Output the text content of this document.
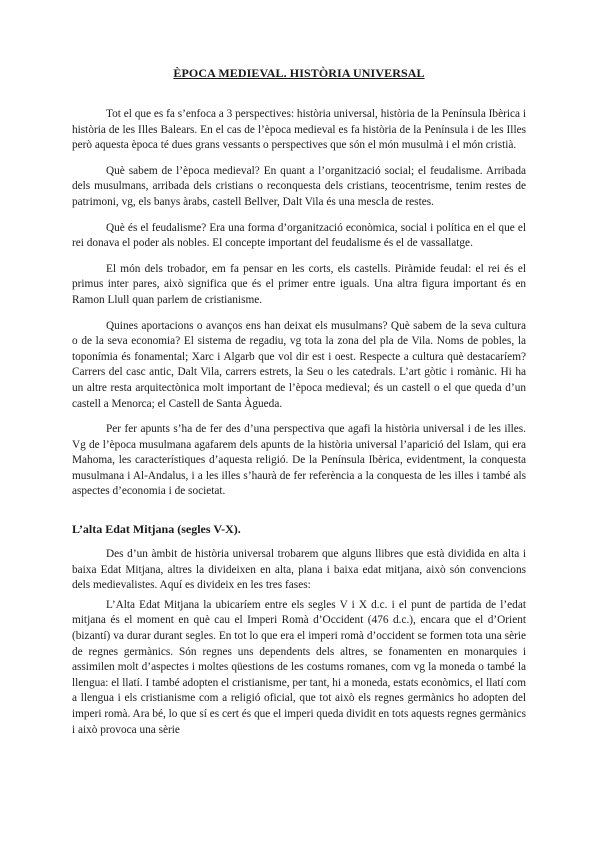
ÈPOCA MEDIEVAL. HISTÒRIA UNIVERSAL

Tot el que es fa s’enfoca a 3 perspectives: història universal, història de la Península Ibèrica i història de les Illes Balears. En el cas de l’època medieval es fa història de la Península i de les Illes però aquesta època té dues grans vessants o perspectives que són el món musulmà i el món cristià.

Què sabem de l’època medieval? En quant a l’organització social; el feudalisme. Arribada dels musulmans, arribada dels cristians o reconquesta dels cristians, teocentrisme, tenim restes de patrimoni, vg, els banys àrabs, castell Bellver, Dalt Vila és una mescla de restes.

Què és el feudalisme? Era una forma d’organització econòmica, social i política en el que el rei donava el poder als nobles. El concepte important del feudalisme és el de vassallatge.

El món dels trobador, em fa pensar en les corts, els castells. Piràmide feudal: el rei és el primus inter pares, això significa que és el primer entre iguals. Una altra figura important és en Ramon Llull quan parlem de cristianisme.

Quines aportacions o avanços ens han deixat els musulmans? Què sabem de la seva cultura o de la seva economia? El sistema de regadiu, vg tota la zona del pla de Vila. Noms de pobles, la toponímia és fonamental; Xarc i Algarb que vol dir est i oest. Respecte a cultura què destacaríem? Carrers del casc antic, Dalt Vila, carrers estrets, la Seu o les catedrals. L’art gòtic i romànic. Hi ha un altre resta arquitectònica molt important de l’època medieval; és un castell o el que queda d’un castell a Menorca; el Castell de Santa Àgueda.

Per fer apunts s’ha de fer des d’una perspectiva que agafi la història universal i de les illes. Vg de l’època musulmana agafarem dels apunts de la història universal l’aparició del Islam, qui era Mahoma, les característiques d’aquesta religió. De la Península Ibèrica, evidentment, la conquesta musulmana i Al-Andalus, i a les illes s’haurà de fer referència a la conquesta de les illes i també als aspectes d’economia i de societat.

L’alta Edat Mitjana (segles V-X).

Des d’un àmbit de història universal trobarem que alguns llibres que està dividida en alta i baixa Edat Mitjana, altres la divideixen en alta, plana i baixa edat mitjana, això són convencions dels medievalistes. Aquí es divideix en les tres fases:

L’Alta Edat Mitjana la ubicaríem entre els segles V i X d.c. i el punt de partida de l’edat mitjana és el moment en què cau el Imperi Romà d’Occident (476 d.c.), encara que el d’Orient (bizantí) va durar durant segles. En tot lo que era el imperi romà d’occident se formen tota una sèrie de regnes germànics. Són regnes uns dependents dels altres, se fonamenten en monarquies i assimilen molt d’aspectes i moltes qüestions de les costums romanes, com vg la moneda o també la llengua: el llatí. I també adopten el cristianisme, per tant, hi a moneda, estats econòmics, el llatí com a llengua i els cristianisme com a religió oficial, que tot això els regnes germànics ho adopten del imperi romà. Ara bé, lo que sí es cert és que el imperi queda dividit en tots aquests regnes germànics i això provoca una sèrie
